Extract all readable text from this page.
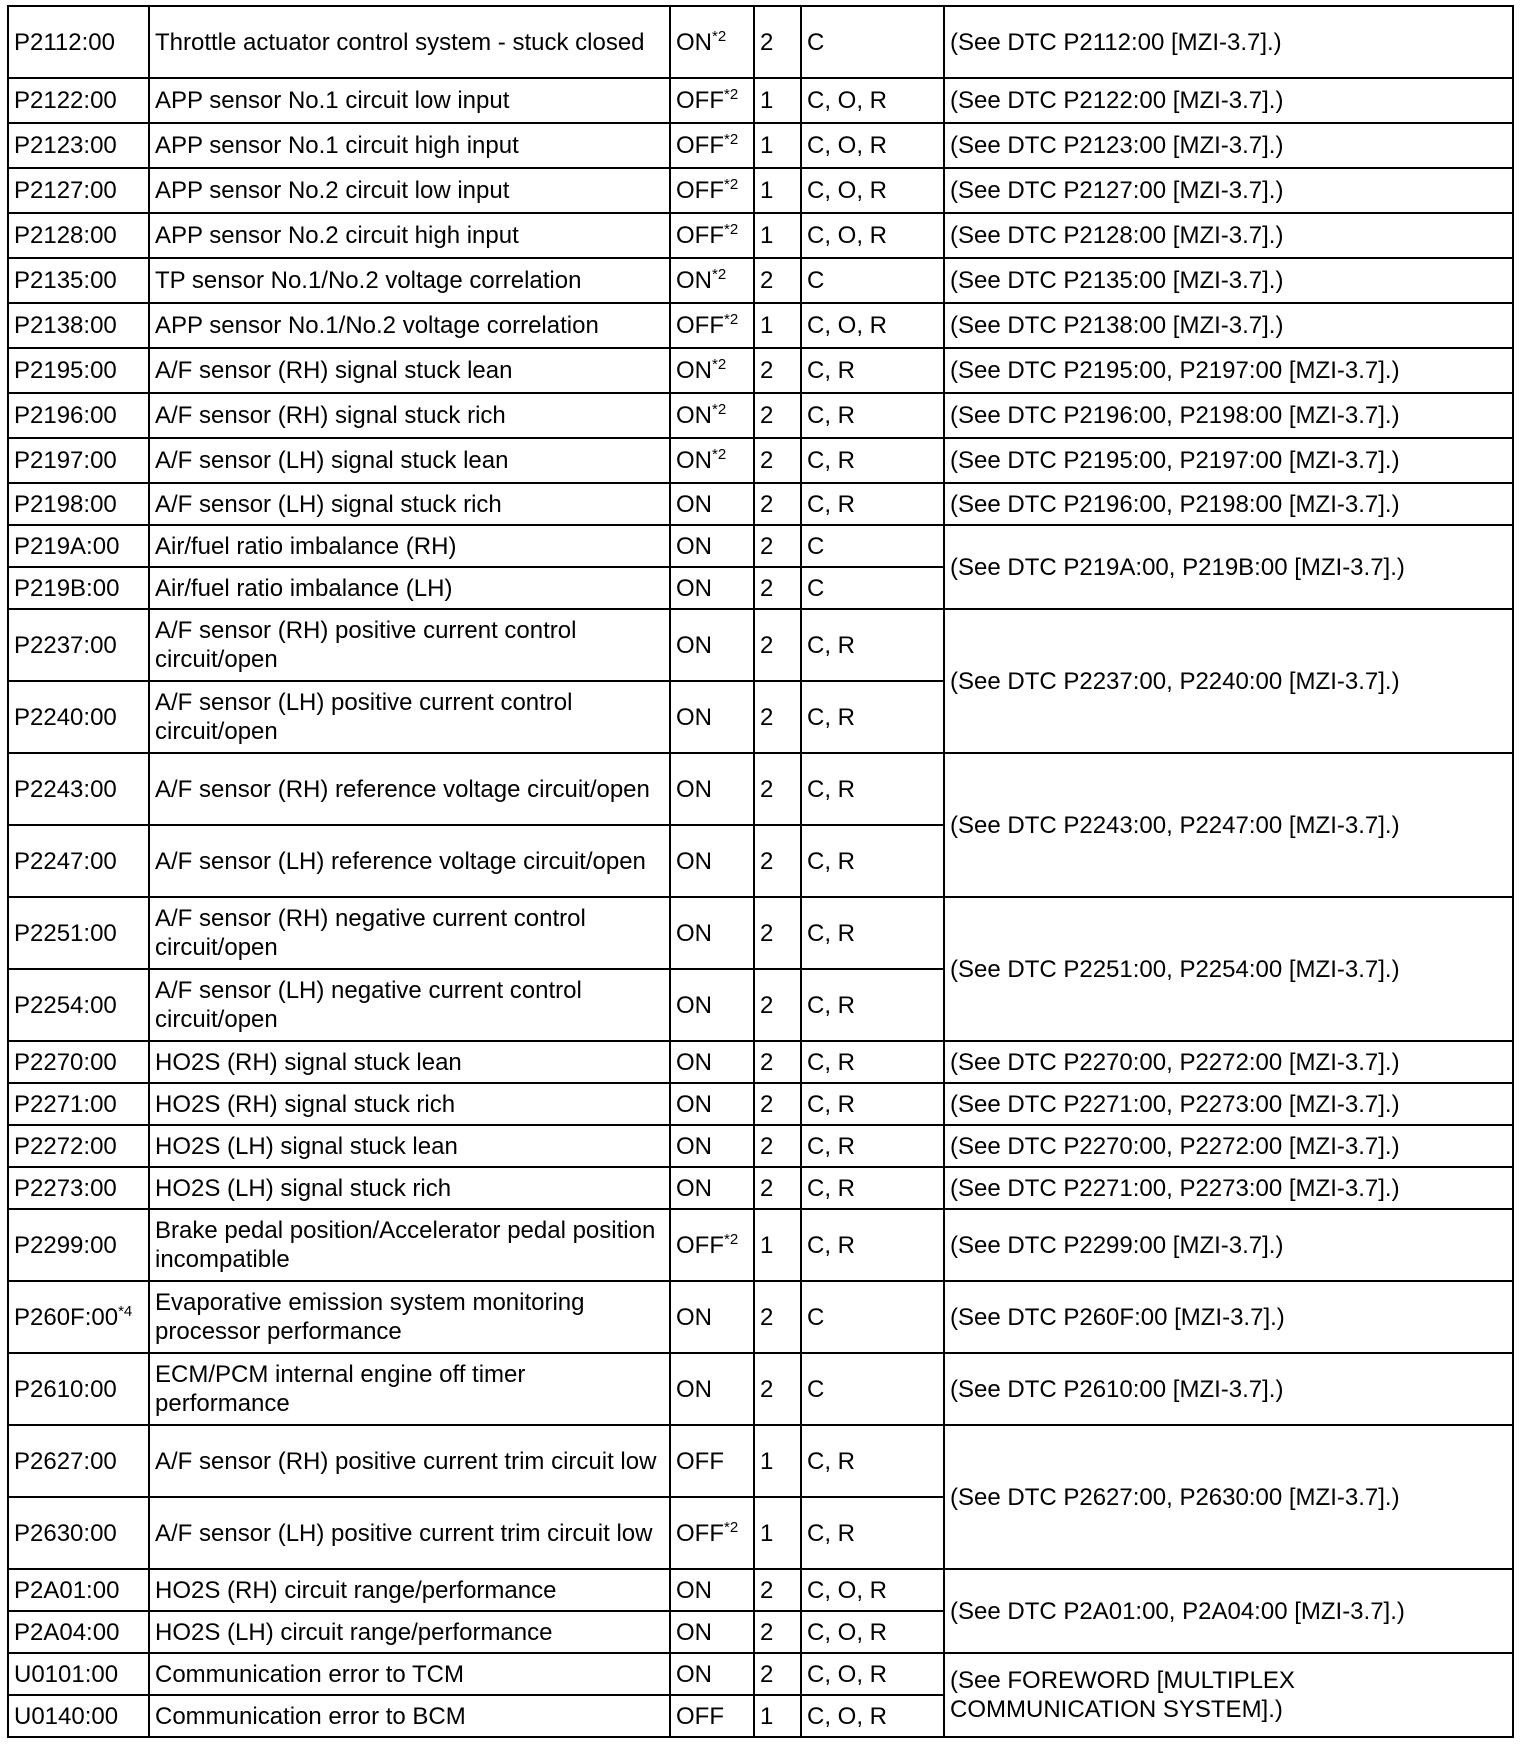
P2112:00	Throttle actuator control system - stuck closed	ON$^{*2}$	2	C	(See DTC P2112:00 [MZI-3.7].)
P2122:00	APP sensor No.1 circuit low input	OFF$^{*2}$	1	C, O, R	(See DTC P2122:00 [MZI-3.7].)
P2123:00	APP sensor No.1 circuit high input	OFF$^{*2}$	1	C, O, R	(See DTC P2123:00 [MZI-3.7].)
P2127:00	APP sensor No.2 circuit low input	OFF$^{*2}$	1	C, O, R	(See DTC P2127:00 [MZI-3.7].)
P2128:00	APP sensor No.2 circuit high input	OFF$^{*2}$	1	C, O, R	(See DTC P2128:00 [MZI-3.7].)
P2135:00	TP sensor No.1/No.2 voltage correlation	ON$^{*2}$	2	C	(See DTC P2135:00 [MZI-3.7].)
P2138:00	APP sensor No.1/No.2 voltage correlation	OFF$^{*2}$	1	C, O, R	(See DTC P2138:00 [MZI-3.7].)
P2195:00	A/F sensor (RH) signal stuck lean	ON$^{*2}$	2	C, R	(See DTC P2195:00, P2197:00 [MZI-3.7].)
P2196:00	A/F sensor (RH) signal stuck rich	ON$^{*2}$	2	C, R	(See DTC P2196:00, P2198:00 [MZI-3.7].)
P2197:00	A/F sensor (LH) signal stuck lean	ON$^{*2}$	2	C, R	(See DTC P2195:00, P2197:00 [MZI-3.7].)
P2198:00	A/F sensor (LH) signal stuck rich	ON	2	C, R	(See DTC P2196:00, P2198:00 [MZI-3.7].)
P219A:00	Air/fuel ratio imbalance (RH)	ON	2	C	(See DTC P219A:00, P219B:00 [MZI-3.7].)
P219B:00	Air/fuel ratio imbalance (LH)	ON	2	C	
P2237:00	A/F sensor (RH) positive current control circuit/open	ON	2	C, R	(See DTC P2237:00, P2240:00 [MZI-3.7].)
P2240:00	A/F sensor (LH) positive current control circuit/open	ON	2	C, R	
P2243:00	A/F sensor (RH) reference voltage circuit/open	ON	2	C, R	(See DTC P2243:00, P2247:00 [MZI-3.7].)
P2247:00	A/F sensor (LH) reference voltage circuit/open	ON	2	C, R	
P2251:00	A/F sensor (RH) negative current control circuit/open	ON	2	C, R	(See DTC P2251:00, P2254:00 [MZI-3.7].)
P2254:00	A/F sensor (LH) negative current control circuit/open	ON	2	C, R	
P2270:00	HO2S (RH) signal stuck lean	ON	2	C, R	(See DTC P2270:00, P2272:00 [MZI-3.7].)
P2271:00	HO2S (RH) signal stuck rich	ON	2	C, R	(See DTC P2271:00, P2273:00 [MZI-3.7].)
P2272:00	HO2S (LH) signal stuck lean	ON	2	C, R	(See DTC P2270:00, P2272:00 [MZI-3.7].)
P2273:00	HO2S (LH) signal stuck rich	ON	2	C, R	(See DTC P2271:00, P2273:00 [MZI-3.7].)
P2299:00	Brake pedal position/Accelerator pedal position incompatible	OFF$^{*2}$	1	C, R	(See DTC P2299:00 [MZI-3.7].)
P260F:00$^{*4}$	Evaporative emission system monitoring processor performance	ON	2	C	(See DTC P260F:00 [MZI-3.7].)
P2610:00	ECM/PCM internal engine off timer performance	ON	2	C	(See DTC P2610:00 [MZI-3.7].)
P2627:00	A/F sensor (RH) positive current trim circuit low	OFF	1	C, R	(See DTC P2627:00, P2630:00 [MZI-3.7].)
P2630:00	A/F sensor (LH) positive current trim circuit low	OFF$^{*2}$	1	C, R	
P2A01:00	HO2S (RH) circuit range/performance	ON	2	C, O, R	(See DTC P2A01:00, P2A04:00 [MZI-3.7].)
P2A04:00	HO2S (LH) circuit range/performance	ON	2	C, O, R	
U0101:00	Communication error to TCM	ON	2	C, O, R	(See FOREWORD [MULTIPLEX COMMUNICATION SYSTEM].)
U0140:00	Communication error to BCM	OFF	1	C, O, R	
